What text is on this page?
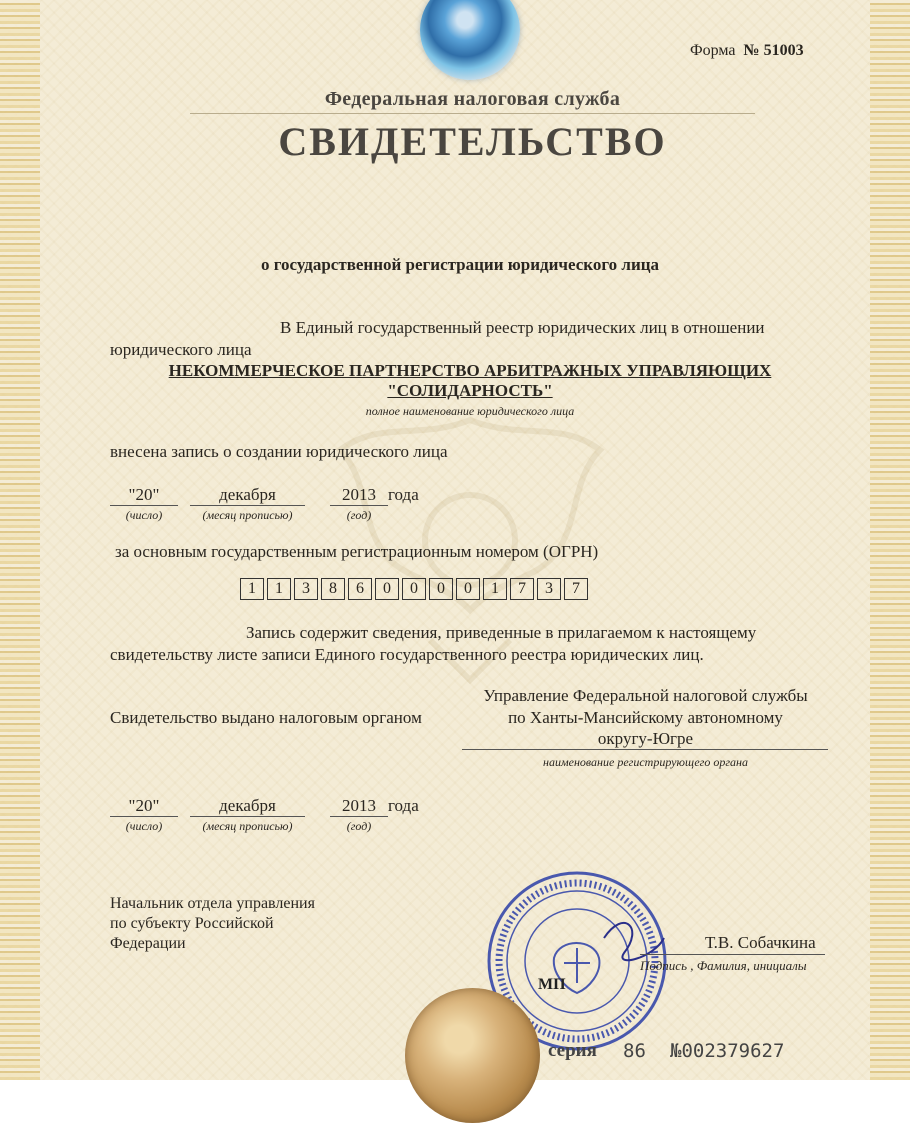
Форма № 51003
Федеральная налоговая служба
СВИДЕТЕЛЬСТВО
о государственной регистрации юридического лица
В Единый государственный реестр юридических лиц в отношении
юридического лица
НЕКОММЕРЧЕСКОЕ ПАРТНЕРСТВО АРБИТРАЖНЫХ УПРАВЛЯЮЩИХ
"СОЛИДАРНОСТЬ"
полное наименование юридического лица
внесена запись о создании юридического лица
"20"
(число)
декабря
(месяц прописью)
2013
(год)
года
за основным государственным регистрационным номером (ОГРН)
1	1	3	8	6	0	0	0	0	1	7	3	7
Запись содержит сведения, приведенные в прилагаемом к настоящему
свидетельству листе записи Единого государственного реестра юридических лиц.
Управление Федеральной налоговой службы
Свидетельство выдано налоговым органом	по Ханты-Мансийскому автономному
округу-Югре
наименование регистрирующего органа
"20"
(число)
декабря
(месяц прописью)
2013
(год)
года
Начальник отдела управления
по субъекту Российской
Федерации
МП
Т.В. Собачкина
Подпись , Фамилия, инициалы
серия 86 №002379627
